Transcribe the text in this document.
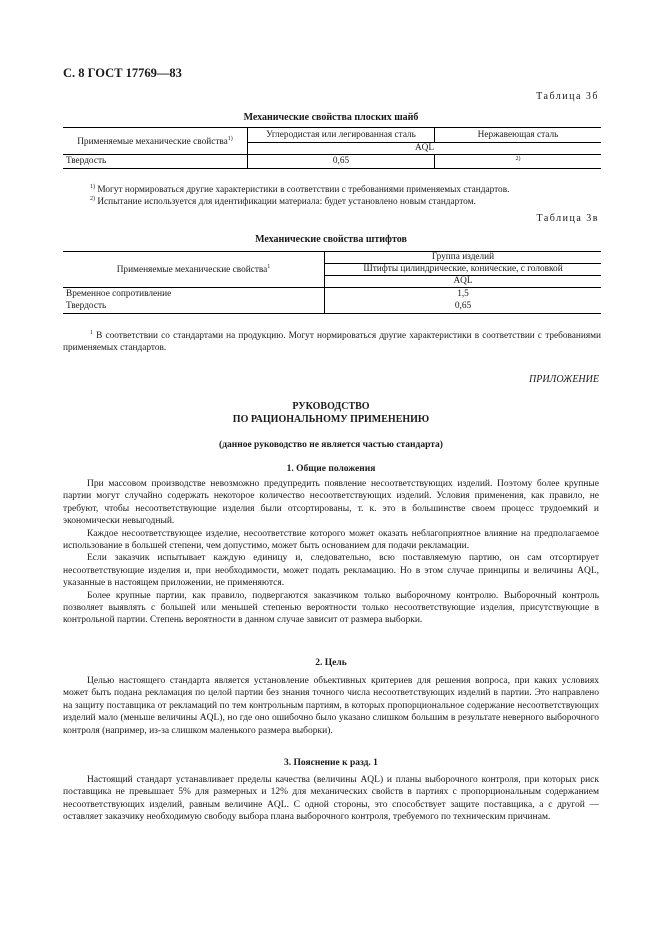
С. 8 ГОСТ 17769—83
Таблица 3б
Механические свойства плоских шайб
Применяемые механические свойства$^{1)}$	Углеродистая или легированная сталь	Нержавеющая сталь
	AQL	
Твердость	0,65	2)
$^{1)}$ Могут нормироваться другие характеристики в соответствии с требованиями применяемых стандартов.
$^{2)}$ Испытание используется для идентификации материала: будет установлено новым стандартом.
Таблица 3в
Механические свойства штифтов
Применяемые механические свойства$^1$	Группа изделий
	Штифты цилиндрические, конические, с головкой
	AQL
Временное сопротивление	1,5
Твердость	0,65
$^1$ В соответствии со стандартами на продукцию. Могут нормироваться другие характеристики в соответствии с требованиями применяемых стандартов.
ПРИЛОЖЕНИЕ
РУКОВОДСТВО
ПО РАЦИОНАЛЬНОМУ ПРИМЕНЕНИЮ
(данное руководство не является частью стандарта)
1. Общие положения

При массовом производстве невозможно предупредить появление несоответствующих изделий. Поэтому более крупные партии могут случайно содержать некоторое количество несоответствующих изделий. Условия применения, как правило, не требуют, чтобы несоответствующие изделия были отсортированы, т. к. это в большинстве своем процесс трудоемкий и экономически невыгодный.

Каждое несоответствующее изделие, несоответствие которого может оказать неблагоприятное влияние на предполагаемое использование в большей степени, чем допустимо, может быть основанием для подачи рекламации.

Если заказчик испытывает каждую единицу и, следовательно, всю поставляемую партию, он сам отсортирует несоответствующие изделия и, при необходимости, может подать рекламацию. Но в этом случае принципы и величины AQL, указанные в настоящем приложении, не применяются.

Более крупные партии, как правило, подвергаются заказчиком только выборочному контролю. Выборочный контроль позволяет выявлять с большей или меньшей степенью вероятности только несоответствующие изделия, присутствующие в контрольной партии. Степень вероятности в данном случае зависит от размера выборки.

2. Цель

Целью настоящего стандарта является установление объективных критериев для решения вопроса, при каких условиях может быть подана рекламация по целой партии без знания точного числа несоответствующих изделий в партии. Это направлено на защиту поставщика от рекламаций по тем контрольным партиям, в которых пропорциональное содержание несоответствующих изделий мало (меньше величины AQL), но где оно ошибочно было указано слишком большим в результате неверного выборочного контроля (например, из-за слишком маленького размера выборки).

3. Пояснение к разд. 1

Настоящий стандарт устанавливает пределы качества (величины AQL) и планы выборочного контроля, при которых риск поставщика не превышает 5% для размерных и 12% для механических свойств в партиях с пропорциональным содержанием несоответствующих изделий, равным величине AQL. С одной стороны, это способствует защите поставщика, а с другой — оставляет заказчику необходимую свободу выбора плана выборочного контроля, требуемого по техническим причинам.
